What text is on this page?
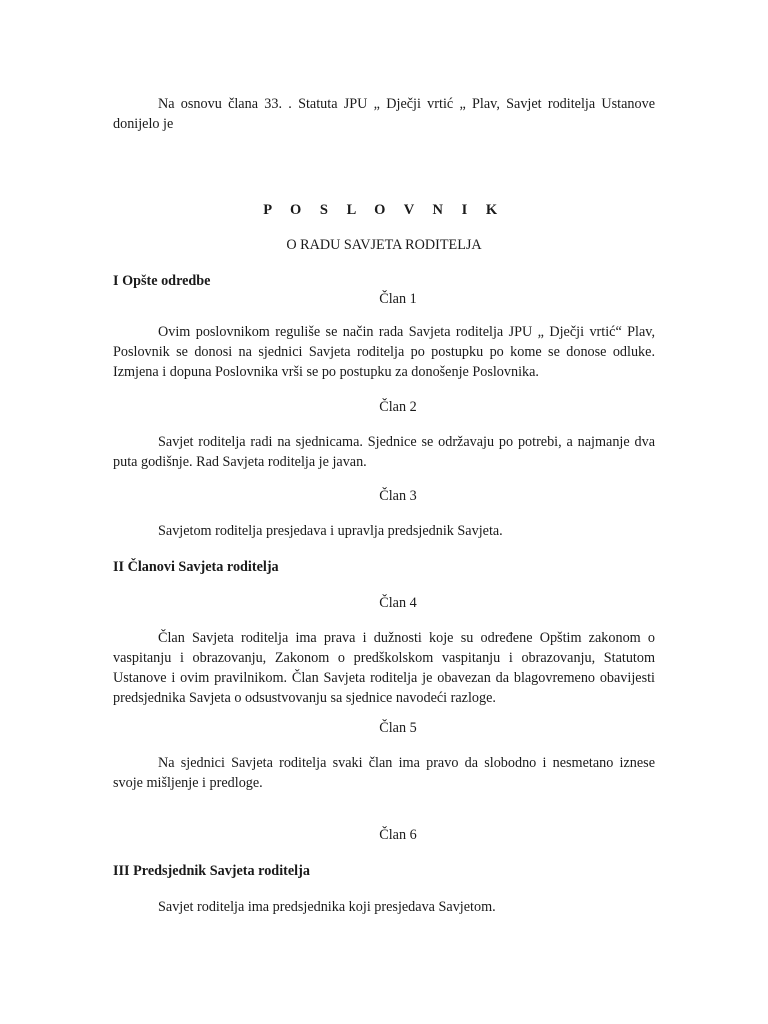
Na osnovu člana 33. . Statuta JPU „ Dječji vrtić „ Plav, Savjet roditelja Ustanove donijelo je

P O S L O V N I K

O RADU SAVJETA RODITELJA

I Opšte odredbe

Član 1

Ovim poslovnikom reguliše se način rada Savjeta roditelja JPU „ Dječji vrtić“ Plav, Poslovnik se donosi na sjednici Savjeta roditelja po postupku po kome se donose odluke. Izmjena i dopuna Poslovnika vrši se po postupku za donošenje Poslovnika.

Član 2

Savjet roditelja radi na sjednicama. Sjednice se održavaju po potrebi, a najmanje dva puta godišnje. Rad Savjeta roditelja je javan.

Član 3

Savjetom roditelja presjedava i upravlja predsjednik Savjeta.

II Članovi Savjeta roditelja

Član 4

Član Savjeta roditelja ima prava i dužnosti koje su određene Opštim zakonom o vaspitanju i obrazovanju, Zakonom o predškolskom vaspitanju i obrazovanju, Statutom Ustanove i ovim pravilnikom. Član Savjeta roditelja je obavezan da blagovremeno obavijesti predsjednika Savjeta o odsustvovanju sa sjednice navodeći razloge.

Član 5

Na sjednici Savjeta roditelja svaki član ima pravo da slobodno i nesmetano iznese svoje mišljenje i predloge.

Član 6

III Predsjednik Savjeta roditelja

Savjet roditelja ima predsjednika koji presjedava Savjetom.
